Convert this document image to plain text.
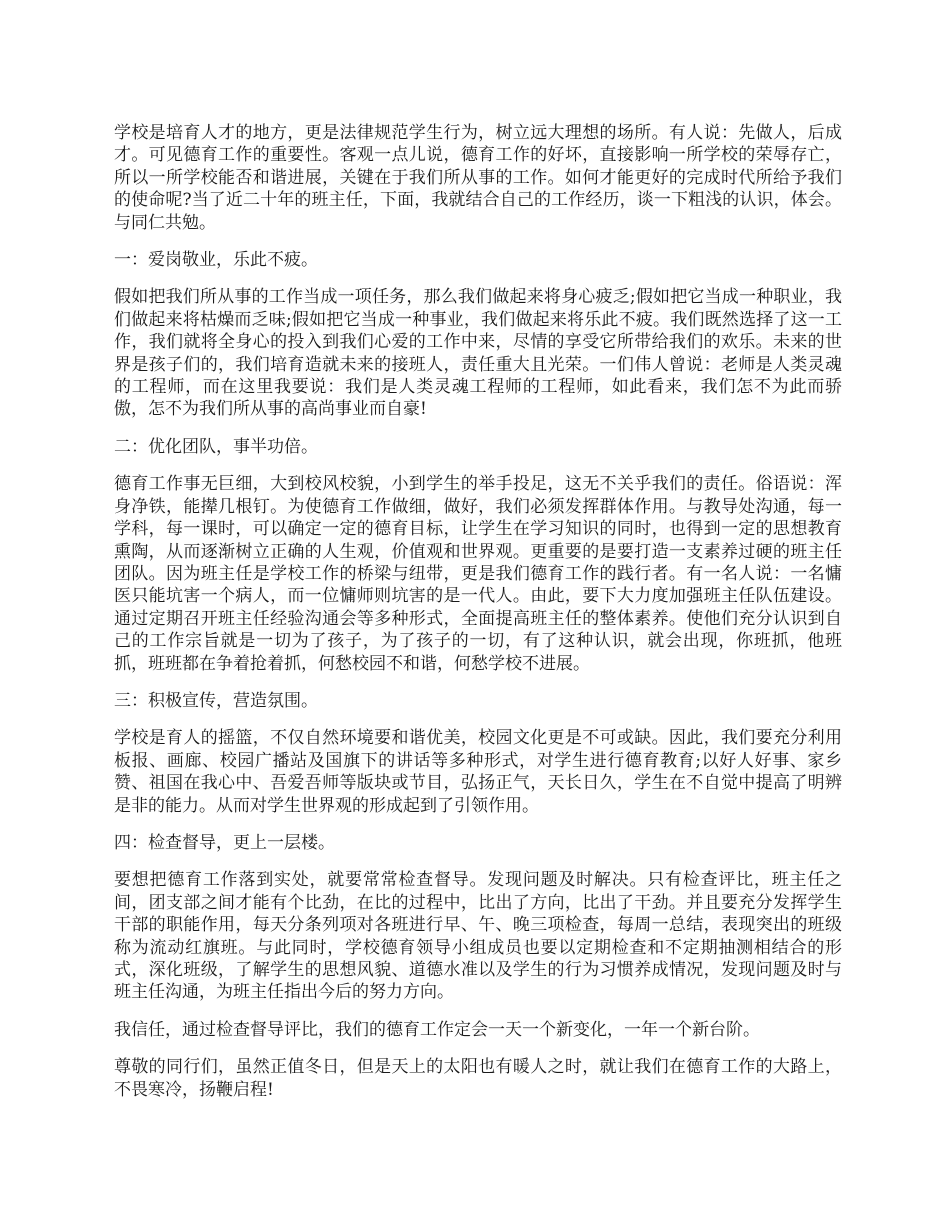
学校是培育人才的地方，更是法律规范学生行为，树立远大理想的场所。有人说：先做人，后成才。可见德育工作的重要性。客观一点儿说，德育工作的好坏，直接影响一所学校的荣辱存亡，所以一所学校能否和谐进展，关键在于我们所从事的工作。如何才能更好的完成时代所给予我们的使命呢?当了近二十年的班主任，下面，我就结合自己的工作经历，谈一下粗浅的认识，体会。与同仁共勉。

一：爱岗敬业，乐此不疲。

假如把我们所从事的工作当成一项任务，那么我们做起来将身心疲乏;假如把它当成一种职业，我们做起来将枯燥而乏味;假如把它当成一种事业，我们做起来将乐此不疲。我们既然选择了这一工作，我们就将全身心的投入到我们心爱的工作中来，尽情的享受它所带给我们的欢乐。未来的世界是孩子们的，我们培育造就未来的接班人，责任重大且光荣。一们伟人曾说：老师是人类灵魂的工程师，而在这里我要说：我们是人类灵魂工程师的工程师，如此看来，我们怎不为此而骄傲，怎不为我们所从事的高尚事业而自豪!

二：优化团队，事半功倍。

德育工作事无巨细，大到校风校貌，小到学生的举手投足，这无不关乎我们的责任。俗语说：浑身净铁，能撵几根钉。为使德育工作做细，做好，我们必须发挥群体作用。与教导处沟通，每一学科，每一课时，可以确定一定的德育目标，让学生在学习知识的同时，也得到一定的思想教育熏陶，从而逐渐树立正确的人生观，价值观和世界观。更重要的是要打造一支素养过硬的班主任团队。因为班主任是学校工作的桥梁与纽带，更是我们德育工作的践行者。有一名人说：一名慵医只能坑害一个病人，而一位慵师则坑害的是一代人。由此，要下大力度加强班主任队伍建设。通过定期召开班主任经验沟通会等多种形式，全面提高班主任的整体素养。使他们充分认识到自己的工作宗旨就是一切为了孩子，为了孩子的一切，有了这种认识，就会出现，你班抓，他班抓，班班都在争着抢着抓，何愁校园不和谐，何愁学校不进展。

三：积极宣传，营造氛围。

学校是育人的摇篮，不仅自然环境要和谐优美，校园文化更是不可或缺。因此，我们要充分利用板报、画廊、校园广播站及国旗下的讲话等多种形式，对学生进行德育教育;以好人好事、家乡赞、祖国在我心中、吾爱吾师等版块或节目，弘扬正气，天长日久，学生在不自觉中提高了明辨是非的能力。从而对学生世界观的形成起到了引领作用。

四：检查督导，更上一层楼。

要想把德育工作落到实处，就要常常检查督导。发现问题及时解决。只有检查评比，班主任之间，团支部之间才能有个比劲，在比的过程中，比出了方向，比出了干劲。并且要充分发挥学生干部的职能作用，每天分条列项对各班进行早、午、晚三项检查，每周一总结，表现突出的班级称为流动红旗班。与此同时，学校德育领导小组成员也要以定期检查和不定期抽测相结合的形式，深化班级，了解学生的思想风貌、道德水准以及学生的行为习惯养成情况，发现问题及时与班主任沟通，为班主任指出今后的努力方向。

我信任，通过检查督导评比，我们的德育工作定会一天一个新变化，一年一个新台阶。

尊敬的同行们，虽然正值冬日，但是天上的太阳也有暖人之时，就让我们在德育工作的大路上，不畏寒冷，扬鞭启程!
